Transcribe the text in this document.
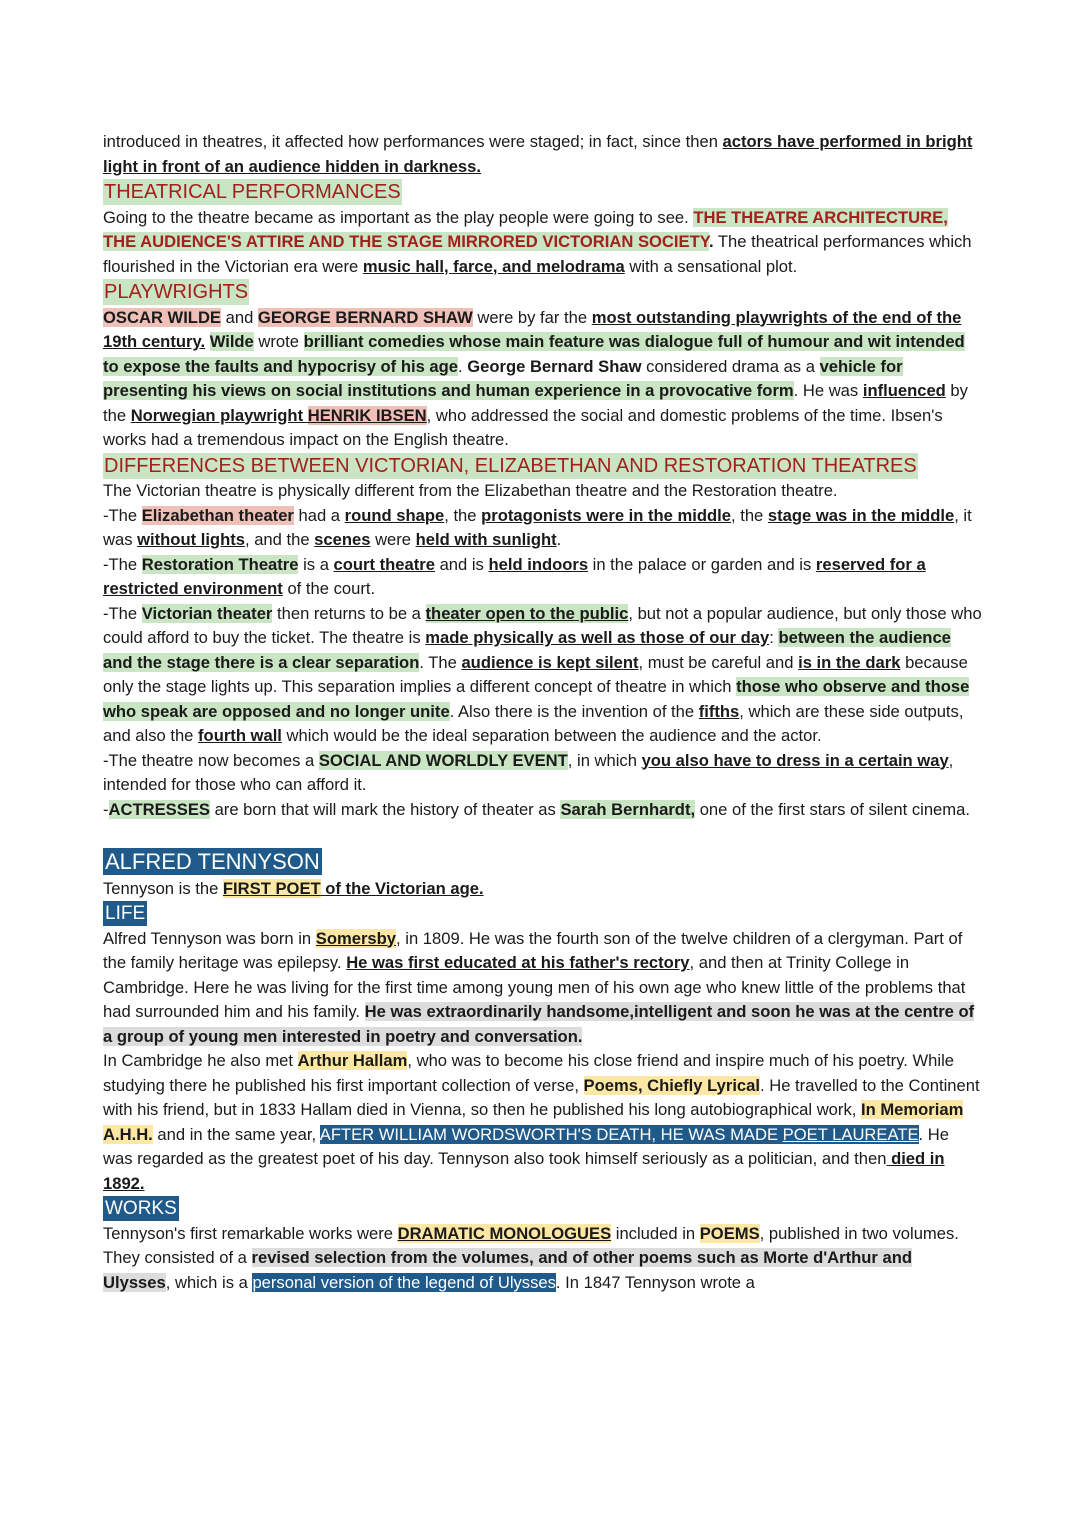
introduced in theatres, it affected how performances were staged; in fact, since then actors have performed in bright light in front of an audience hidden in darkness.

THEATRICAL PERFORMANCES

Going to the theatre became as important as the play people were going to see. THE THEATRE ARCHITECTURE, THE AUDIENCE'S ATTIRE AND THE STAGE MIRRORED VICTORIAN SOCIETY. The theatrical performances which flourished in the Victorian era were music hall, farce, and melodrama with a sensational plot.

PLAYWRIGHTS

OSCAR WILDE and GEORGE BERNARD SHAW were by far the most outstanding playwrights of the end of the 19th century. Wilde wrote brilliant comedies whose main feature was dialogue full of humour and wit intended to expose the faults and hypocrisy of his age. George Bernard Shaw considered drama as a vehicle for presenting his views on social institutions and human experience in a provocative form. He was influenced by the Norwegian playwright HENRIK IBSEN, who addressed the social and domestic problems of the time. Ibsen's works had a tremendous impact on the English theatre.

DIFFERENCES BETWEEN VICTORIAN, ELIZABETHAN AND RESTORATION THEATRES

The Victorian theatre is physically different from the Elizabethan theatre and the Restoration theatre.

-The Elizabethan theater had a round shape, the protagonists were in the middle, the stage was in the middle, it was without lights, and the scenes were held with sunlight.

-The Restoration Theatre is a court theatre and is held indoors in the palace or garden and is reserved for a restricted environment of the court.

-The Victorian theater then returns to be a theater open to the public, but not a popular audience, but only those who could afford to buy the ticket. The theatre is made physically as well as those of our day: between the audience and the stage there is a clear separation. The audience is kept silent, must be careful and is in the dark because only the stage lights up. This separation implies a different concept of theatre in which those who observe and those who speak are opposed and no longer unite. Also there is the invention of the fifths, which are these side outputs, and also the fourth wall which would be the ideal separation between the audience and the actor.

-The theatre now becomes a SOCIAL AND WORLDLY EVENT, in which you also have to dress in a certain way, intended for those who can afford it.

-ACTRESSES are born that will mark the history of theater as Sarah Bernhardt, one of the first stars of silent cinema.

ALFRED TENNYSON

Tennyson is the FIRST POET of the Victorian age.

LIFE

Alfred Tennyson was born in Somersby, in 1809. He was the fourth son of the twelve children of a clergyman. Part of the family heritage was epilepsy. He was first educated at his father's rectory, and then at Trinity College in Cambridge. Here he was living for the first time among young men of his own age who knew little of the problems that had surrounded him and his family. He was extraordinarily handsome,intelligent and soon he was at the centre of a group of young men interested in poetry and conversation.

In Cambridge he also met Arthur Hallam, who was to become his close friend and inspire much of his poetry. While studying there he published his first important collection of verse, Poems, Chiefly Lyrical. He travelled to the Continent with his friend, but in 1833 Hallam died in Vienna, so then he published his long autobiographical work, In Memoriam A.H.H. and in the same year, AFTER WILLIAM WORDSWORTH'S DEATH, HE WAS MADE POET LAUREATE. He was regarded as the greatest poet of his day. Tennyson also took himself seriously as a politician, and then died in 1892.

WORKS

Tennyson's first remarkable works were DRAMATIC MONOLOGUES included in POEMS, published in two volumes. They consisted of a revised selection from the volumes, and of other poems such as Morte d'Arthur and Ulysses, which is a personal version of the legend of Ulysses. In 1847 Tennyson wrote a
